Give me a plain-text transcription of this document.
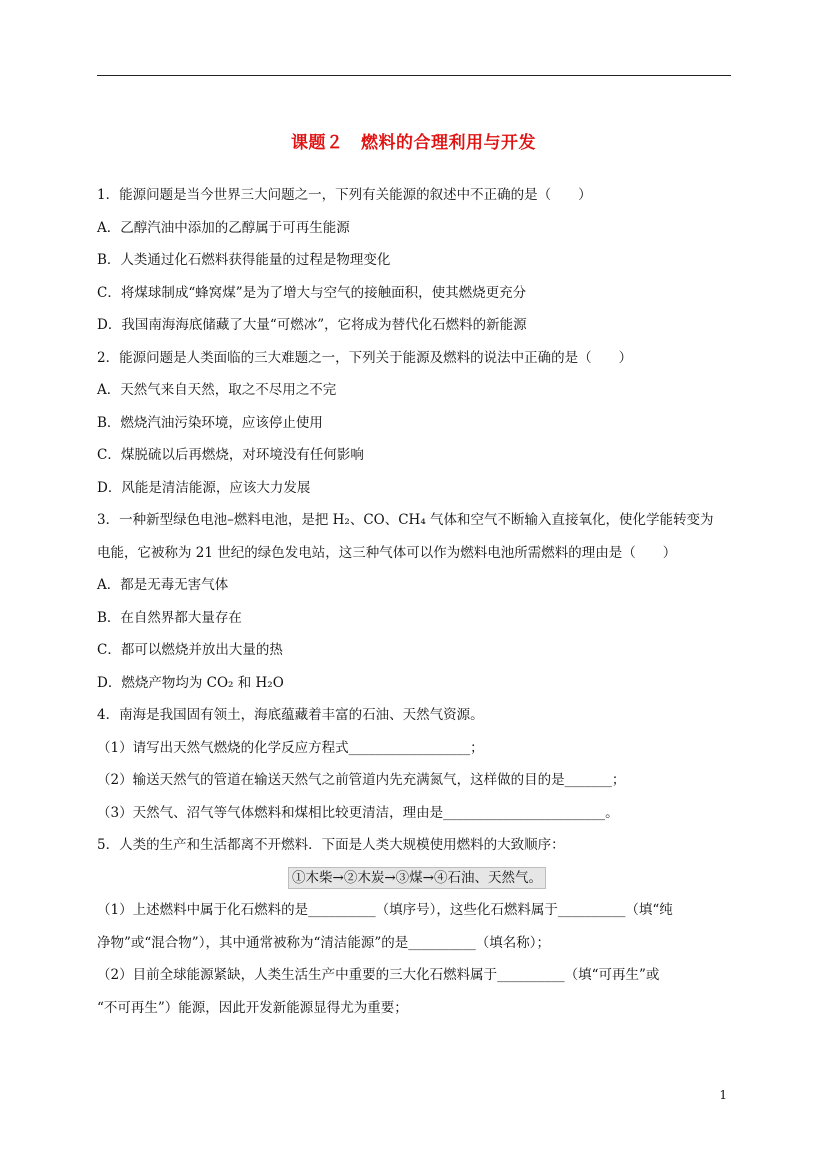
课题２　燃料的合理利用与开发
1．能源问题是当今世界三大问题之一，下列有关能源的叙述中不正确的是（　　）
A．乙醇汽油中添加的乙醇属于可再生能源
B．人类通过化石燃料获得能量的过程是物理变化
C．将煤球制成“蜂窝煤”是为了增大与空气的接触面积，使其燃烧更充分
D．我国南海海底储藏了大量“可燃冰”，它将成为替代化石燃料的新能源
2．能源问题是人类面临的三大难题之一，下列关于能源及燃料的说法中正确的是（　　）
A．天然气来自天然，取之不尽用之不完
B．燃烧汽油污染环境，应该停止使用
C．煤脱硫以后再燃烧，对环境没有任何影响
D．风能是清洁能源，应该大力发展
3．一种新型绿色电池–燃料电池，是把 H₂、CO、CH₄ 气体和空气不断输入直接氧化，使化学能转变为
电能，它被称为 21 世纪的绿色发电站，这三种气体可以作为燃料电池所需燃料的理由是（　　）
A．都是无毒无害气体
B．在自然界都大量存在
C．都可以燃烧并放出大量的热
D．燃烧产物均为 CO₂ 和 H₂O
4．南海是我国固有领土，海底蕴藏着丰富的石油、天然气资源。
（1）请写出天然气燃烧的化学反应方程式__________________；
（2）输送天然气的管道在输送天然气之前管道内先充满氮气，这样做的目的是_______；
（3）天然气、沼气等气体燃料和煤相比较更清洁，理由是________________________。
5．人类的生产和生活都离不开燃料．下面是人类大规模使用燃料的大致顺序：
①木柴→②木炭→③煤→④石油、天然气。
（1）上述燃料中属于化石燃料的是__________（填序号），这些化石燃料属于__________（填“纯
净物”或“混合物”），其中通常被称为“清洁能源”的是__________（填名称）；
（2）目前全球能源紧缺，人类生活生产中重要的三大化石燃料属于__________（填“可再生”或
“不可再生”）能源，因此开发新能源显得尤为重要；
1
